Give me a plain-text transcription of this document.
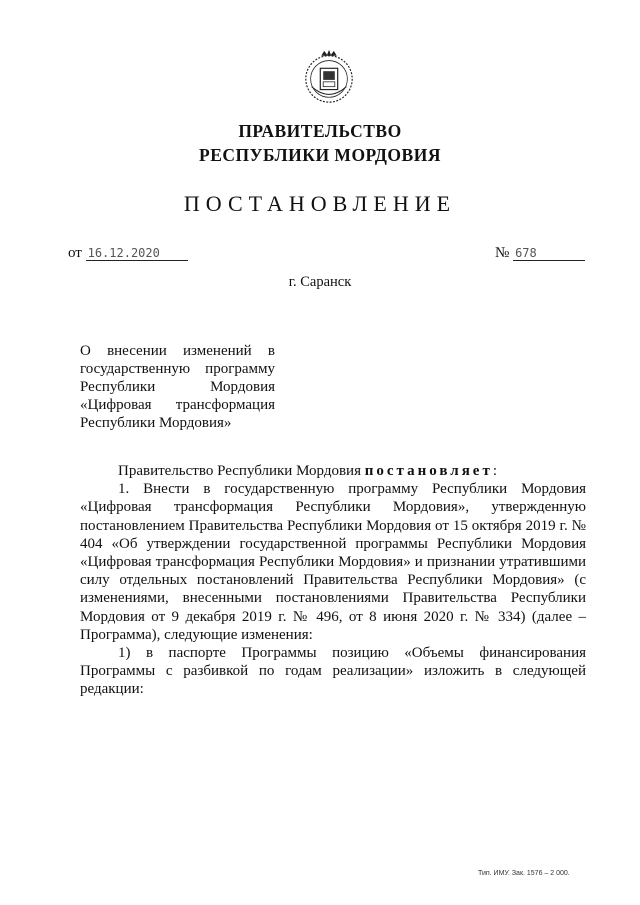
ПРАВИТЕЛЬСТВО
РЕСПУБЛИКИ МОРДОВИЯ
ПОСТАНОВЛЕНИЕ
от 16.12.2020	№ 678
г. Саранск
О внесении изменений в
государственную программу
Республики Мордовия
«Цифровая трансформация
Республики Мордовия»

Правительство Республики Мордовия постановляет:

1. Внести в государственную программу Республики Мордовия «Цифровая трансформация Республики Мордовия», утвержденную постановлением Правительства Республики Мордовия от 15 октября 2019 г. № 404 «Об утверждении государственной программы Республики Мордовия «Цифровая трансформация Республики Мордовия» и признании утратившими силу отдельных постановлений Правительства Республики Мордовия» (с изменениями, внесенными постановлениями Правительства Республики Мордовия от 9 декабря 2019 г. № 496, от 8 июня 2020 г. № 334) (далее – Программа), следующие изменения:

1) в паспорте Программы позицию «Объемы финансирования Программы с разбивкой по годам реализации» изложить в следующей редакции:

Тип. ИМУ. Зак. 1576 – 2 000.
